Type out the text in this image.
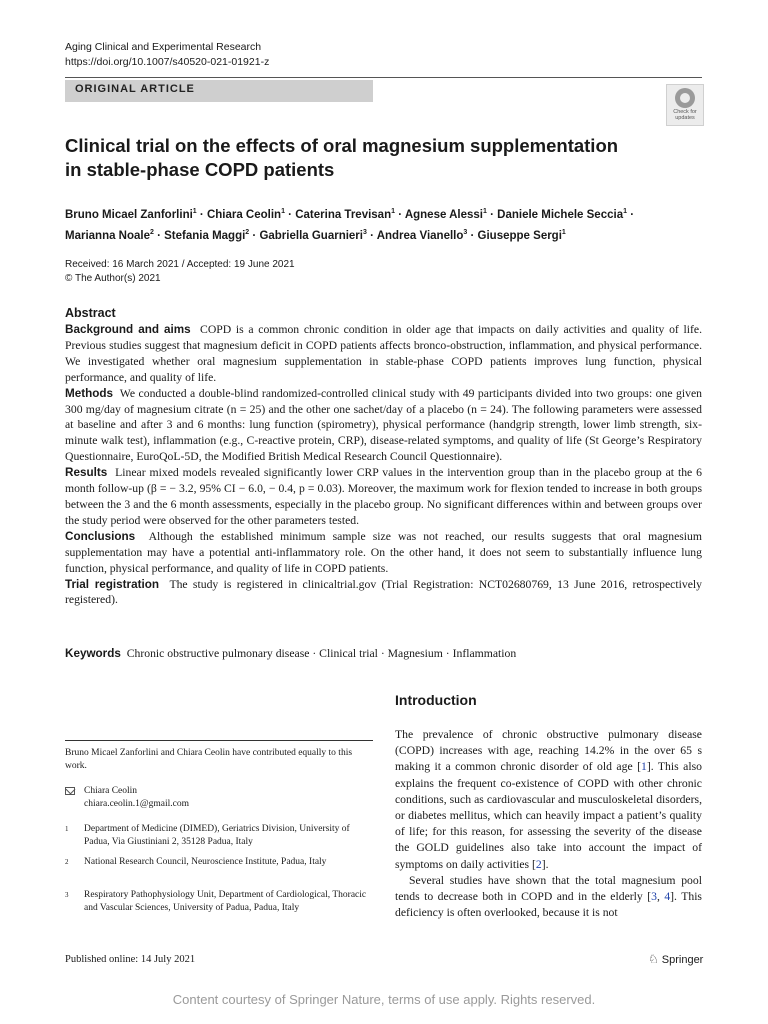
Aging Clinical and Experimental Research
https://doi.org/10.1007/s40520-021-01921-z
ORIGINAL ARTICLE
Check for
updates
Clinical trial on the effects of oral magnesium supplementation
in stable-phase COPD patients
Bruno Micael Zanforlini$^1$ · Chiara Ceolin$^1$ · Caterina Trevisan$^1$ · Agnese Alessi$^1$ · Daniele Michele Seccia$^1$ ·
Marianna Noale$^2$ · Stefania Maggi$^2$ · Gabriella Guarnieri$^3$ · Andrea Vianello$^3$ · Giuseppe Sergi$^1$
Received: 16 March 2021 / Accepted: 19 June 2021
© The Author(s) 2021
Abstract

Background and aims COPD is a common chronic condition in older age that impacts on daily activities and quality of life. Previous studies suggest that magnesium deficit in COPD patients affects bronco-obstruction, inflammation, and physical performance. We investigated whether oral magnesium supplementation in stable-phase COPD patients improves lung function, physical performance, and quality of life.

Methods We conducted a double-blind randomized-controlled clinical study with 49 participants divided into two groups: one given 300 mg/day of magnesium citrate (n = 25) and the other one sachet/day of a placebo (n = 24). The following parameters were assessed at baseline and after 3 and 6 months: lung function (spirometry), physical performance (handgrip strength, lower limb strength, six-minute walk test), inflammation (e.g., C-reactive protein, CRP), disease-related symptoms, and quality of life (St George’s Respiratory Questionnaire, EuroQoL-5D, the Modified British Medical Research Council Questionnaire).

Results Linear mixed models revealed significantly lower CRP values in the intervention group than in the placebo group at the 6 month follow-up (β = − 3.2, 95% CI − 6.0, − 0.4, p = 0.03). Moreover, the maximum work for flexion tended to increase in both groups between the 3 and the 6 month assessments, especially in the placebo group. No significant differences within and between groups over the study period were observed for the other parameters tested.

Conclusions Although the established minimum sample size was not reached, our results suggests that oral magnesium supplementation may have a potential anti-inflammatory role. On the other hand, it does not seem to substantially influence lung function, physical performance, and quality of life in COPD patients.

Trial registration The study is registered in clinicaltrial.gov (Trial Registration: NCT02680769, 13 June 2016, retrospectively registered).

Keywords Chronic obstructive pulmonary disease · Clinical trial · Magnesium · Inflammation
Introduction

The prevalence of chronic obstructive pulmonary disease (COPD) increases with age, reaching 14.2% in the over 65 s making it a common chronic disorder of old age [1]. This also explains the frequent co-existence of COPD with other chronic conditions, such as cardiovascular and musculoskeletal disorders, or diabetes mellitus, which can heavily impact a patient’s quality of life; for this reason, for assessing the severity of the disease the GOLD guidelines also take into account the impact of symptoms on daily activities [2].

Several studies have shown that the total magnesium pool tends to decrease both in COPD and in the elderly [3, 4]. This deficiency is often overlooked, because it is not

Bruno Micael Zanforlini and Chiara Ceolin have contributed equally to this work.
Chiara Ceolin
chiara.ceolin.1@gmail.com
1 Department of Medicine (DIMED), Geriatrics Division, University of Padua, Via Giustiniani 2, 35128 Padua, Italy
2 National Research Council, Neuroscience Institute, Padua, Italy
3 Respiratory Pathophysiology Unit, Department of Cardiological, Thoracic and Vascular Sciences, University of Padua, Padua, Italy
Published online: 14 July 2021	♘ Springer
Content courtesy of Springer Nature, terms of use apply. Rights reserved.
